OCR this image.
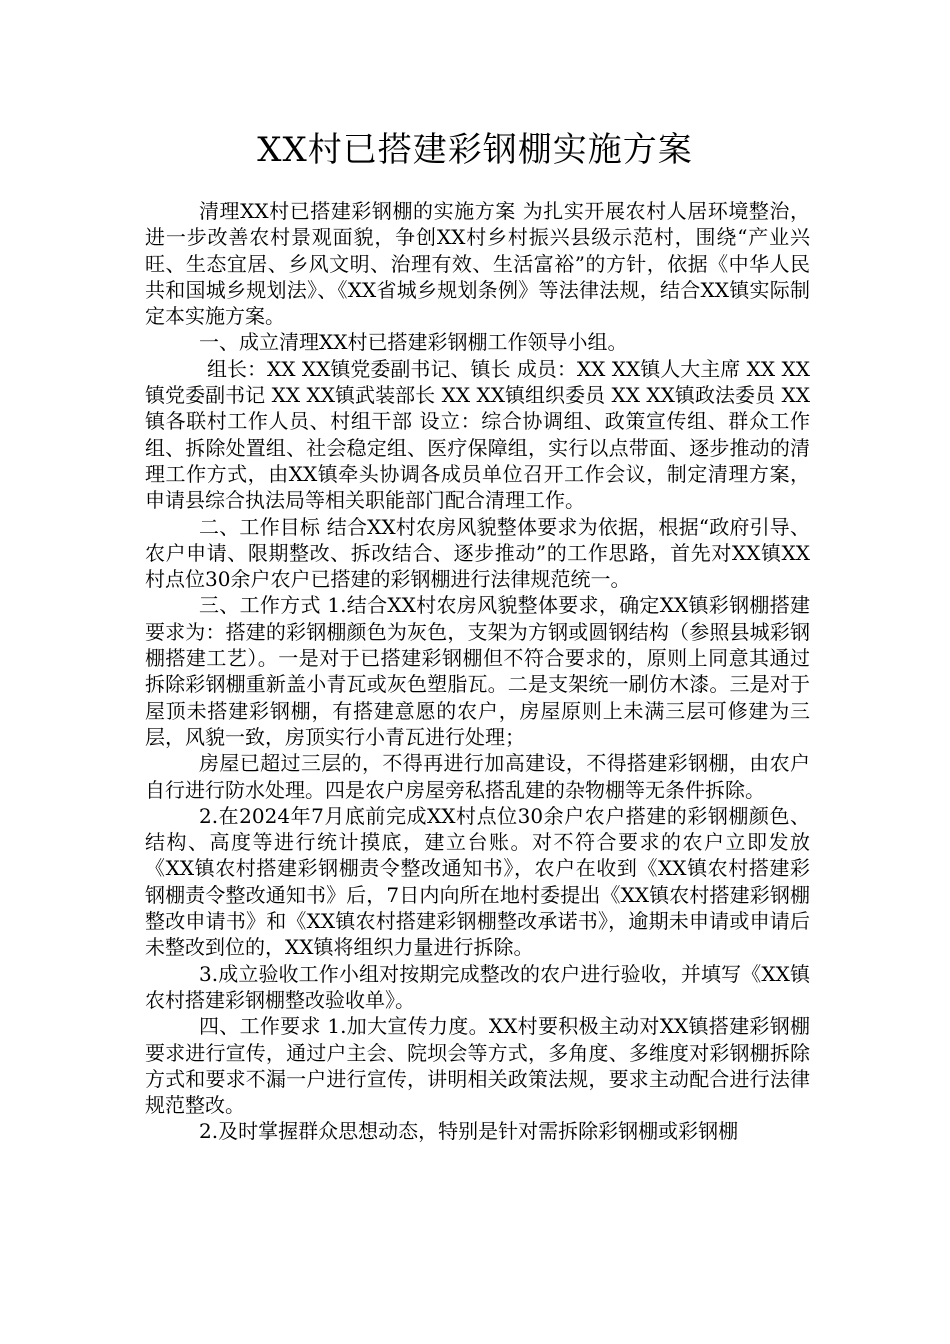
XX村已搭建彩钢棚实施方案

清理XX村已搭建彩钢棚的实施方案 为扎实开展农村人居环境整治，进一步改善农村景观面貌，争创XX村乡村振兴县级示范村，围绕“产业兴旺、生态宜居、乡风文明、治理有效、生活富裕”的方针，依据《中华人民共和国城乡规划法》、《XX省城乡规划条例》等法律法规，结合XX镇实际制定本实施方案。

一、成立清理XX村已搭建彩钢棚工作领导小组。

组长：XX XX镇党委副书记、镇长 成员：XX XX镇人大主席 XX XX镇党委副书记 XX XX镇武装部长 XX XX镇组织委员 XX XX镇政法委员 XX镇各联村工作人员、村组干部 设立：综合协调组、政策宣传组、群众工作组、拆除处置组、社会稳定组、医疗保障组，实行以点带面、逐步推动的清理工作方式，由XX镇牵头协调各成员单位召开工作会议，制定清理方案，申请县综合执法局等相关职能部门配合清理工作。

二、工作目标 结合XX村农房风貌整体要求为依据，根据“政府引导、农户申请、限期整改、拆改结合、逐步推动”的工作思路，首先对XX镇XX村点位30余户农户已搭建的彩钢棚进行法律规范统一。

三、工作方式 1.结合XX村农房风貌整体要求，确定XX镇彩钢棚搭建要求为：搭建的彩钢棚颜色为灰色，支架为方钢或圆钢结构（参照县城彩钢棚搭建工艺）。一是对于已搭建彩钢棚但不符合要求的，原则上同意其通过拆除彩钢棚重新盖小青瓦或灰色塑脂瓦。二是支架统一刷仿木漆。三是对于屋顶未搭建彩钢棚，有搭建意愿的农户，房屋原则上未满三层可修建为三层，风貌一致，房顶实行小青瓦进行处理；

房屋已超过三层的，不得再进行加高建设，不得搭建彩钢棚，由农户自行进行防水处理。四是农户房屋旁私搭乱建的杂物棚等无条件拆除。

2.在2024年7月底前完成XX村点位30余户农户搭建的彩钢棚颜色、结构、高度等进行统计摸底，建立台账。对不符合要求的农户立即发放《XX镇农村搭建彩钢棚责令整改通知书》，农户在收到《XX镇农村搭建彩钢棚责令整改通知书》后，7日内向所在地村委提出《XX镇农村搭建彩钢棚整改申请书》和《XX镇农村搭建彩钢棚整改承诺书》，逾期未申请或申请后未整改到位的，XX镇将组织力量进行拆除。

3.成立验收工作小组对按期完成整改的农户进行验收，并填写《XX镇农村搭建彩钢棚整改验收单》。

四、工作要求 1.加大宣传力度。XX村要积极主动对XX镇搭建彩钢棚要求进行宣传，通过户主会、院坝会等方式，多角度、多维度对彩钢棚拆除方式和要求不漏一户进行宣传，讲明相关政策法规，要求主动配合进行法律规范整改。

2.及时掌握群众思想动态，特别是针对需拆除彩钢棚或彩钢棚
